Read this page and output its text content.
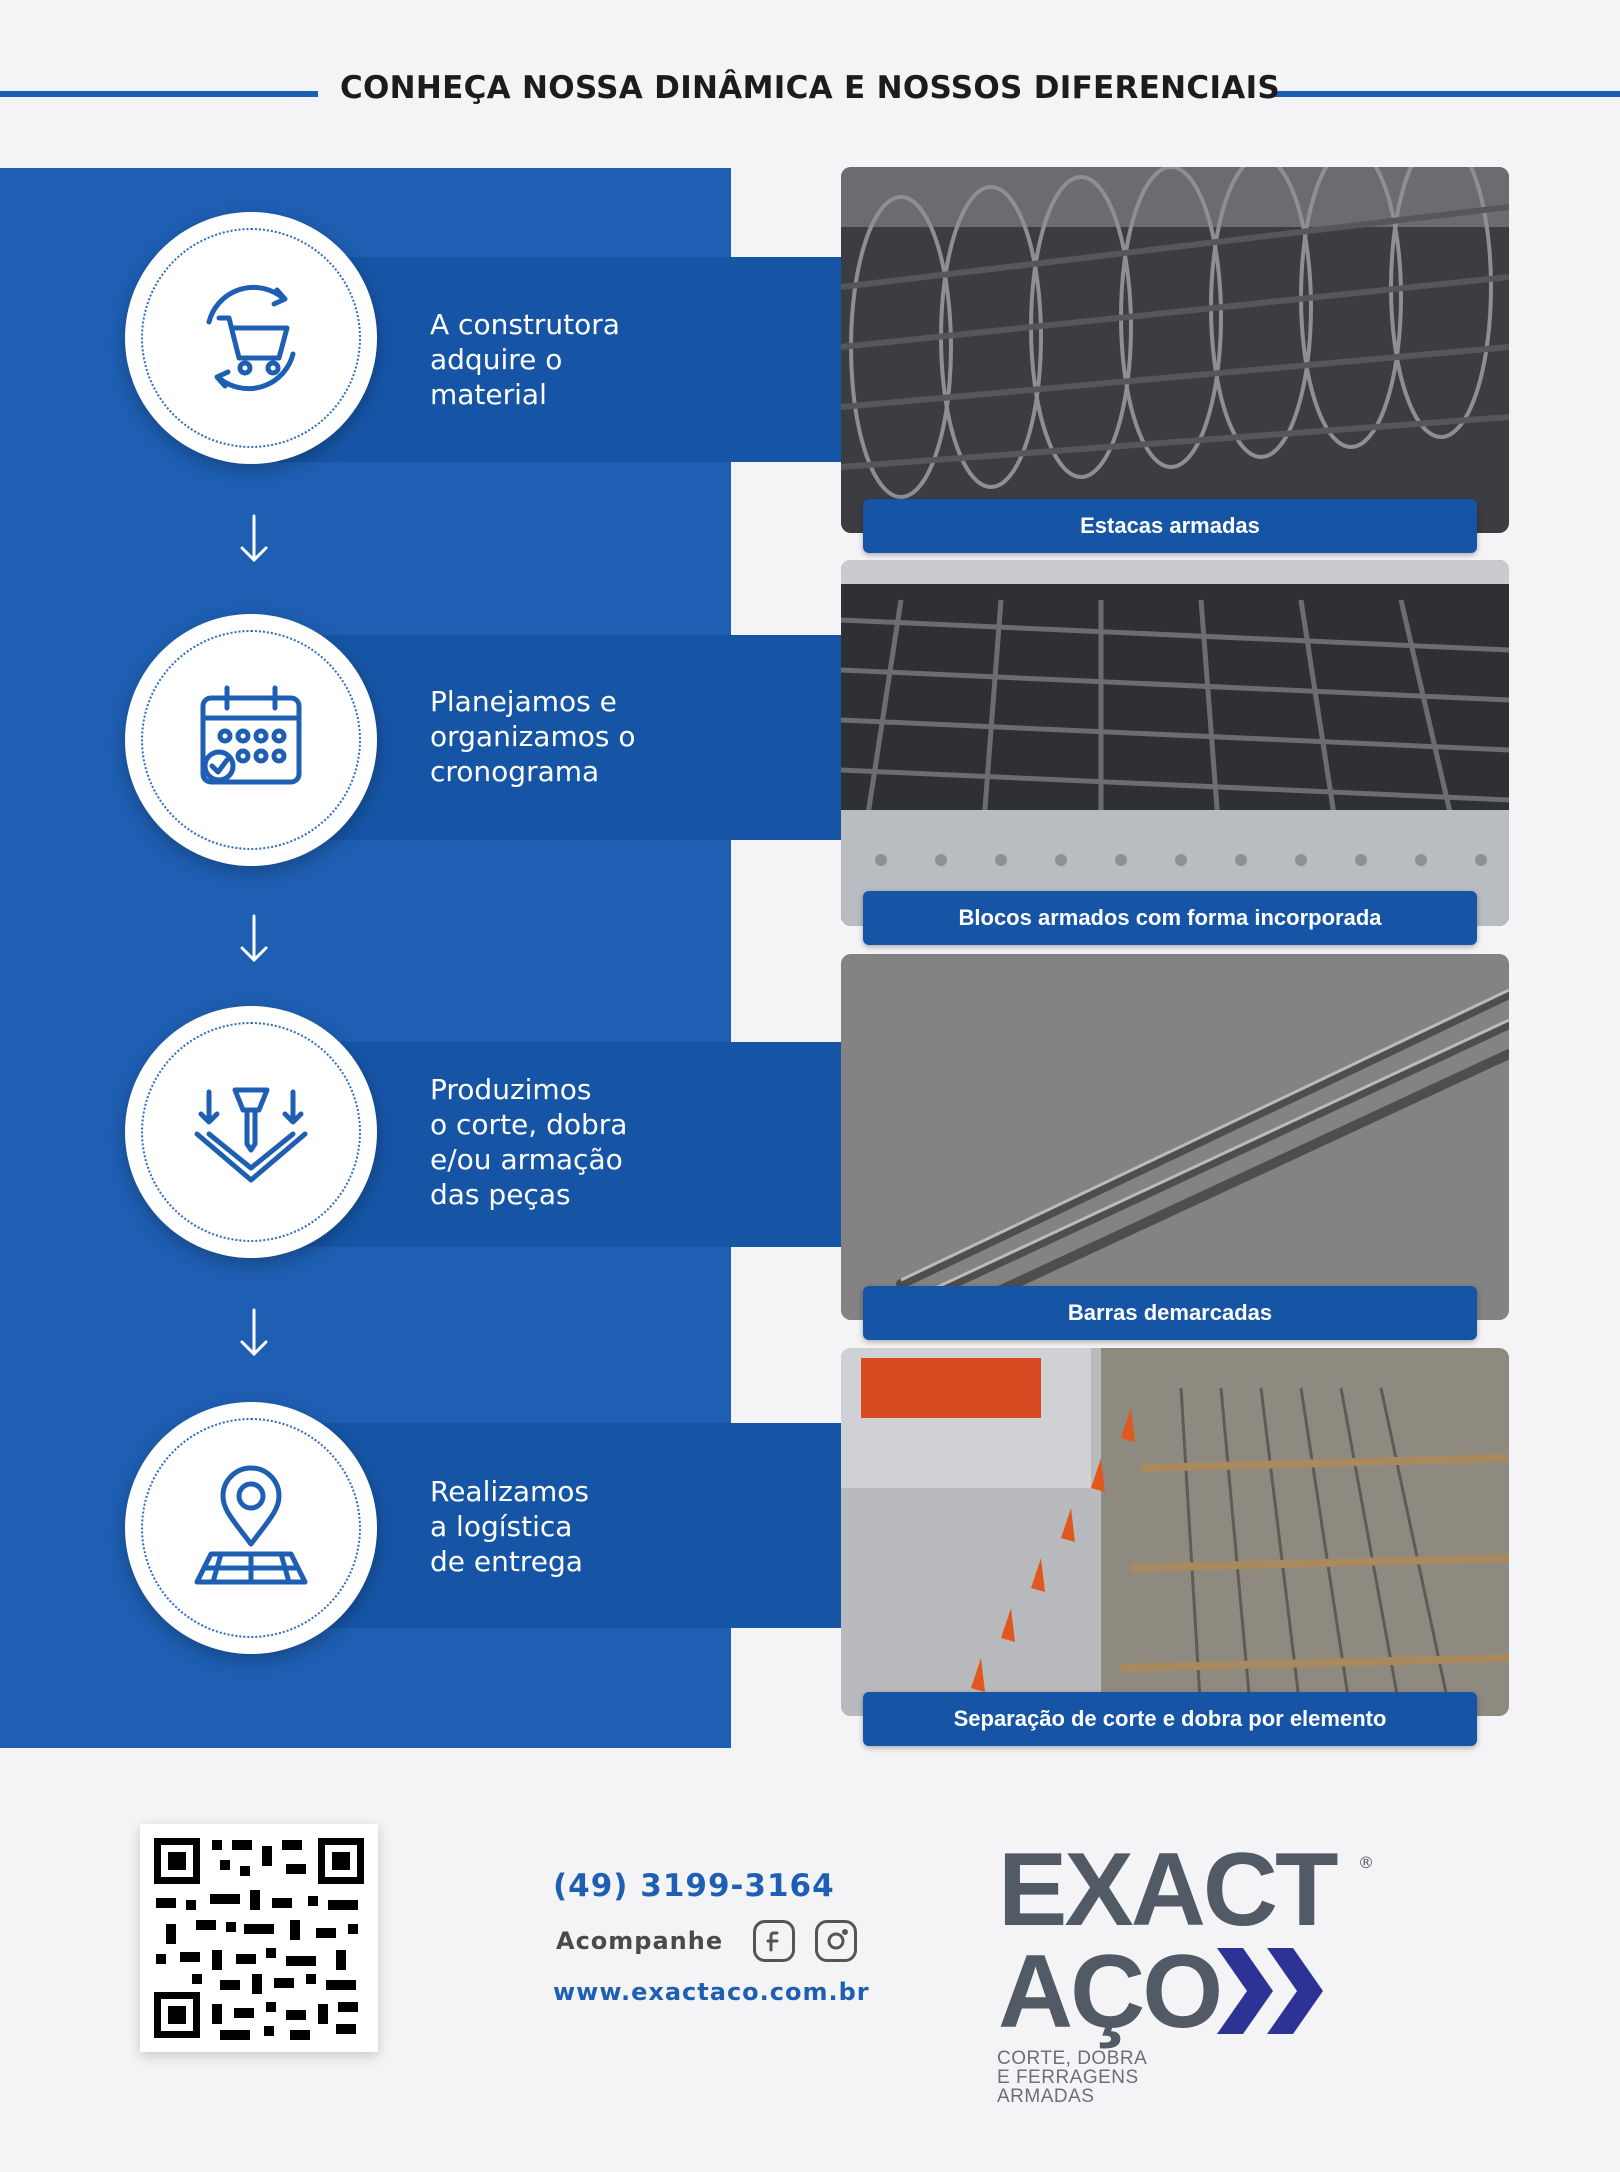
CONHEÇA NOSSA DINÂMICA E NOSSOS DIFERENCIAIS
A construtora
adquire o
material
Planejamos e
organizamos o
cronograma
Produzimos
o corte, dobra
e/ou armação
das peças
Realizamos
a logística
de entrega
Estacas armadas
Blocos armados com forma incorporada
Barras demarcadas
Separação de corte e dobra por elemento
(49) 3199-3164
Acompanhe
www.exactaco.com.br
EXACT ®
AÇO
CORTE, DOBRA
E FERRAGENS
ARMADAS
